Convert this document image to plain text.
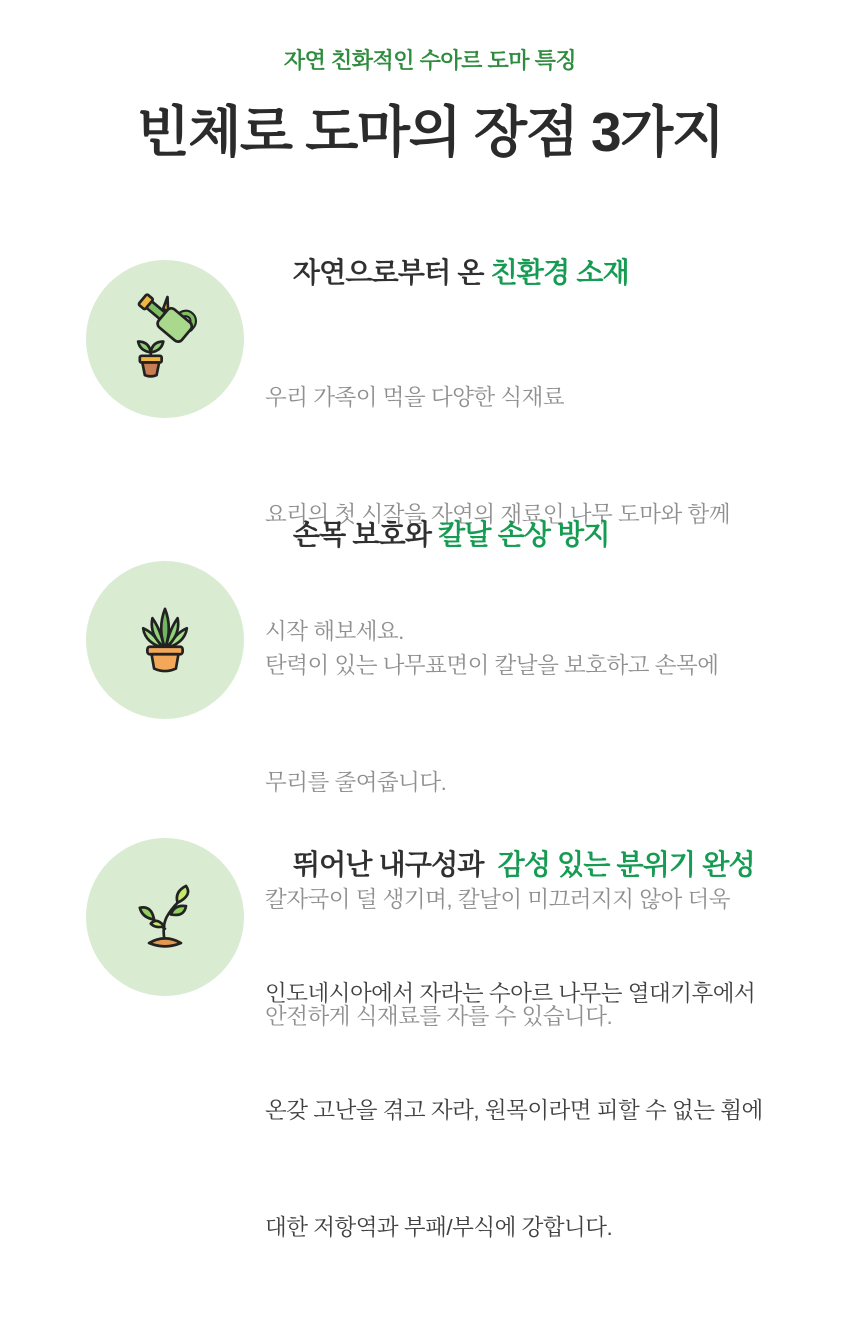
자연 친화적인 수아르 도마 특징
빈체로 도마의 장점 3가지

자연으로부터 온 친환경 소재

우리 가족이 먹을 다양한 식재료

요리의 첫 시작을 자연의 재료인 나무 도마와 함께

시작 해보세요.

손목 보호와 칼날 손상 방지

탄력이 있는 나무표면이 칼날을 보호하고 손목에

무리를 줄여줍니다.

칼자국이 덜 생기며, 칼날이 미끄러지지 않아 더욱

안전하게 식재료를 자를 수 있습니다.

뛰어난 내구성과  감성 있는 분위기 완성

인도네시아에서 자라는 수아르 나무는 열대기후에서

온갖 고난을 겪고 자라, 원목이라면 피할 수 없는 휨에

대한 저항역과 부패/부식에 강합니다.
